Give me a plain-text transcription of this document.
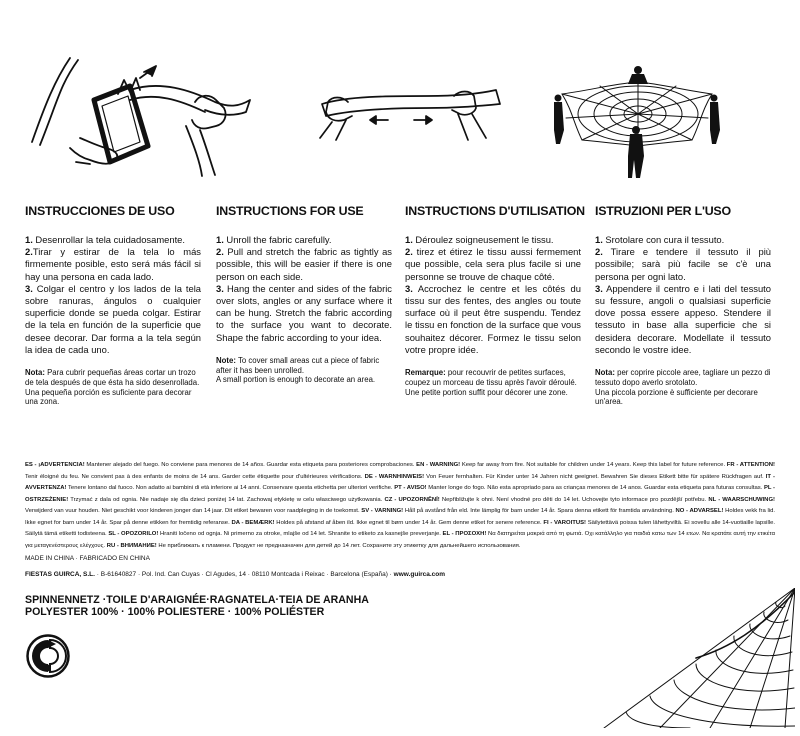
INSTRUCCIONES DE USO

1. Desenrollar la tela cuidadosamente.

2.Tirar y estirar de la tela lo más firmemente posible, esto será más fácil si hay una persona en cada lado.

3. Colgar el centro y los lados de la tela sobre ranuras, ángulos o cualquier superficie donde se pueda colgar. Estirar de la tela en función de la superficie que desee decorar. Dar forma a la tela según la idea de cada uno.

Nota: Para cubrir pequeñas áreas cortar un trozo de tela después de que ésta ha sido desenrollada.

Una pequeña porción es suficiente para decorar una zona.

INSTRUCTIONS FOR USE

1. Unroll the fabric carefully.

2. Pull and stretch the fabric as tightly as possible, this will be easier if there is one person on each side.

3. Hang the center and sides of the fabric over slots, angles or any surface where it can be hung. Stretch the fabric according to the surface you want to decorate. Shape the fabric according to your idea.

Note: To cover small areas cut a piece of fabric after it has been unrolled.

A small portion is enough to decorate an area.

INSTRUCTIONS D'UTILISATION

1. Déroulez soigneusement le tissu.

2. tirez et étirez le tissu aussi fermement que possible, cela sera plus facile si une personne se trouve de chaque côté.

3. Accrochez le centre et les côtés du tissu sur des fentes, des angles ou toute surface où il peut être suspendu. Tendez le tissu en fonction de la surface que vous souhaitez décorer. Formez le tissu selon votre propre idée.

Remarque: pour recouvrir de petites surfaces, coupez un morceau de tissu après l'avoir déroulé.

Une petite portion suffit pour décorer une zone.

ISTRUZIONI PER L'USO

1. Srotolare con cura il tessuto.

2. Tirare e tendere il tessuto il più possibile; sarà più facile se c'è una persona per ogni lato.

3. Appendere il centro e i lati del tessuto su fessure, angoli o qualsiasi superficie dove possa essere appeso. Stendere il tessuto in base alla superficie che si desidera decorare. Modellate il tessuto secondo le vostre idee.

Nota: per coprire piccole aree, tagliare un pezzo di tessuto dopo averlo srotolato.

Una piccola porzione è sufficiente per decorare un'area.

ES - ¡ADVERTENCIA! Mantener alejado del fuego. No conviene para menores de 14 años. Guardar esta etiqueta para posteriores comprobaciones. EN - WARNING! Keep far away from fire. Not suitable for children under 14 years. Keep this label for future reference. FR - ATTENTION! Tenir éloigné du feu. Ne convient pas à des enfants de moins de 14 ans. Garder cette étiquette pour d'ultérieures vérifications. DE - WARNHINWEIS! Von Feuer fernhalten. Für Kinder unter 14 Jahren nicht geeignet. Bewahren Sie dieses Etikett bitte für spätere Rückfragen auf. IT - AVVERTENZA! Tenere lontano dal fuoco. Non adatto ai bambini di età inferiore ai 14 anni. Conservare questa etichetta per ulteriori verifiche. PT - AVISO! Manter longe do fogo. Não esta apropriado para as crianças menores de 14 anos. Guardar esta etiqueta para futuras consultas. PL - OSTRZEŻENIE! Trzymać z dala od ognia. Nie nadaje się dla dzieci poniżej 14 lat. Zachowaj etykietę w celu własciwego użytkowania. CZ - UPOZORNĚNÍ! Nepřibližujte k ohni. Není vhodné pro děti do 14 let. Uchovejte tyto informace pro pozdější potřebu. NL - WAARSCHUWING! Verwijderd van vuur houden. Niet geschikt voor kinderen jonger dan 14 jaar. Dit etiket bewaren voor raadpleging in de toekomst. SV - VARNING! Håll på avstånd från eld. Inte lämplig för barn under 14 år. Spara denna etikett för framtida användning. NO - ADVARSEL! Holdes vekk fra lid. Ikke egnet for barn under 14 år. Spar på denne etikken for fremtidig referanse. DA - BEMÆRK! Holdes på afstand af åben ild. Ikke egnet til børn under 14 år. Gem denne etiket for senere reference. FI - VAROITUS! Säilytettävä poissa tulen lähettyviltä. Ei sovellu alle 14-vuotiaille lapsille. Säilytä tämä etiketti todisteena. SL - OPOZORILO! Hraniti ločeno od ognja. Ni primerno za otroke, mlajše od 14 let. Shranite to etiketo za kasnejše preverjanje. EL - ΠΡΟΣΟΧΗ! Να διατηρείται μακριά από τη φωτιά. Οχι κατάλληλο για παιδιά κατω των 14 ετων. Να κρατάτε αυτή την ετικέτα για μεταγενέστερους ελέγχους. RU - ВНИМАНИЕ! Не приближать к пламени. Продукт не предназначен для детей до 14 лет. Сохраните эту этикетку для дальнейшего использования.
MADE IN CHINA · FABRICADO EN CHINA
FIESTAS GUIRCA, S.L. · B-61640827 · Pol. Ind. Can Cuyas · Cl Agudes, 14 · 08110 Montcada i Reixac · Barcelona (España) · www.guirca.com
SPINNENNETZ ·TOILE D'ARAIGNÉE·RAGNATELA·TEIA DE ARANHA
POLYESTER 100% · 100% POLIESTERE · 100% POLIÉSTER
